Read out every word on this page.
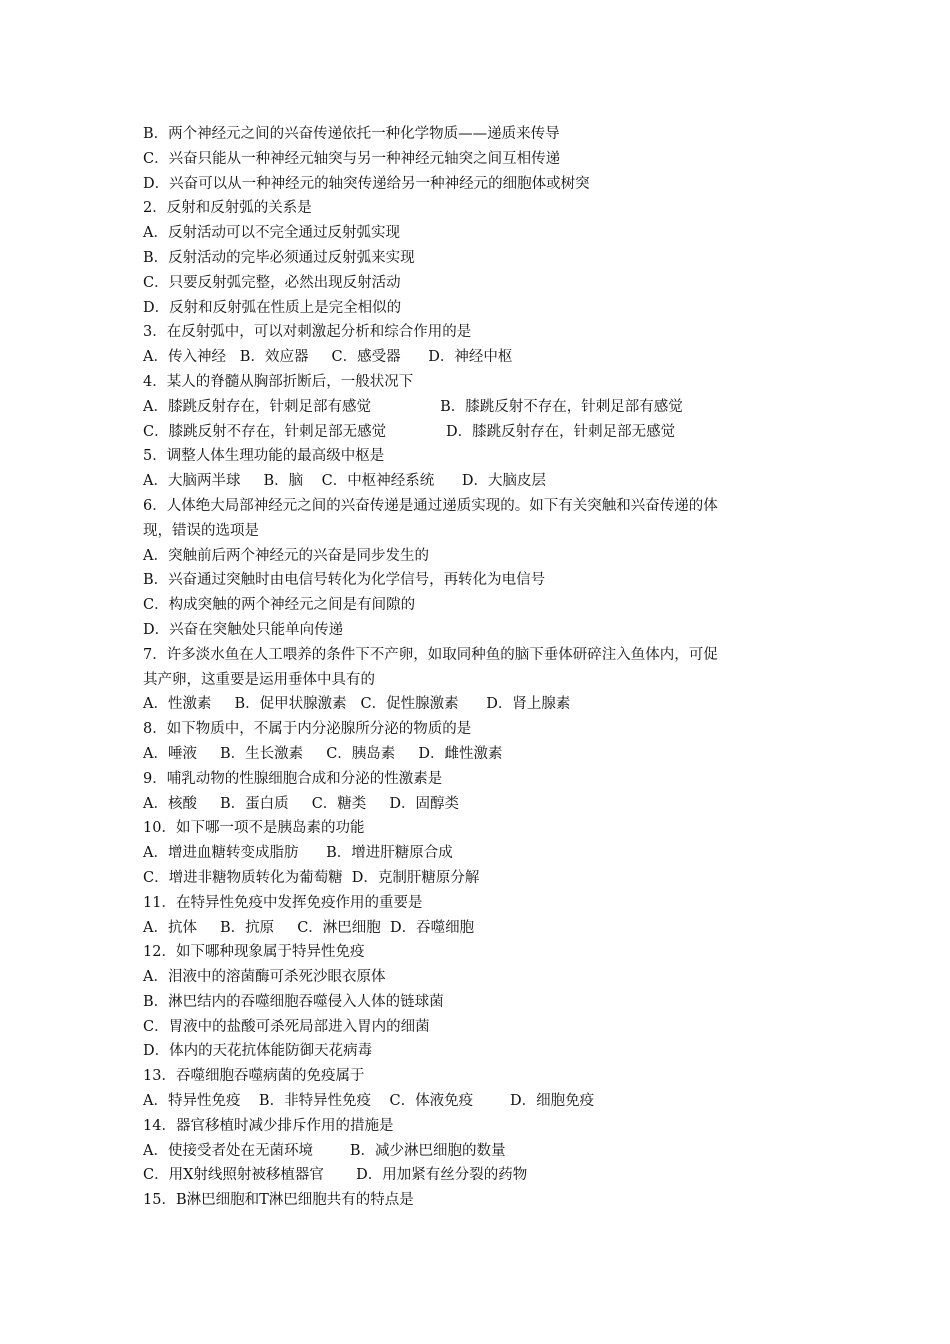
B．两个神经元之间的兴奋传递依托一种化学物质——递质来传导
C．兴奋只能从一种神经元轴突与另一种神经元轴突之间互相传递
D．兴奋可以从一种神经元的轴突传递给另一种神经元的细胞体或树突
2．反射和反射弧的关系是
A．反射活动可以不完全通过反射弧实现
B．反射活动的完毕必须通过反射弧来实现
C．只要反射弧完整，必然出现反射活动
D．反射和反射弧在性质上是完全相似的
3．在反射弧中，可以对刺激起分析和综合作用的是
A．传入神经   B．效应器     C．感受器      D．神经中枢
4．某人的脊髓从胸部折断后，一般状况下
A．膝跳反射存在，针刺足部有感觉               B．膝跳反射不存在，针刺足部有感觉
C．膝跳反射不存在，针刺足部无感觉             D．膝跳反射存在，针刺足部无感觉
5．调整人体生理功能的最高级中枢是
A．大脑两半球     B．脑    C．中枢神经系统      D．大脑皮层
6．人体绝大局部神经元之间的兴奋传递是通过递质实现的。如下有关突触和兴奋传递的体
现，错误的选项是
A．突触前后两个神经元的兴奋是同步发生的
B．兴奋通过突触时由电信号转化为化学信号，再转化为电信号
C．构成突触的两个神经元之间是有间隙的
D．兴奋在突触处只能单向传递
7．许多淡水鱼在人工喂养的条件下不产卵，如取同种鱼的脑下垂体研碎注入鱼体内，可促
其产卵，这重要是运用垂体中具有的
A．性激素     B．促甲状腺激素   C．促性腺激素      D．肾上腺素
8．如下物质中，不属于内分泌腺所分泌的物质的是
A．唾液     B．生长激素     C．胰岛素     D．雌性激素
9．哺乳动物的性腺细胞合成和分泌的性激素是
A．核酸     B．蛋白质     C．糖类     D．固醇类
10．如下哪一项不是胰岛素的功能
A．增进血糖转变成脂肪      B．增进肝糖原合成
C．增进非糖物质转化为葡萄糖  D．克制肝糖原分解
11．在特异性免疫中发挥免疫作用的重要是
A．抗体     B．抗原     C．淋巴细胞  D．吞噬细胞
12．如下哪种现象属于特异性免疫
A．泪液中的溶菌酶可杀死沙眼衣原体
B．淋巴结内的吞噬细胞吞噬侵入人体的链球菌
C．胃液中的盐酸可杀死局部进入胃内的细菌
D．体内的天花抗体能防御天花病毒
13．吞噬细胞吞噬病菌的免疫属于
A．特异性免疫    B．非特异性免疫    C．体液免疫        D．细胞免疫
14．器官移植时减少排斥作用的措施是
A．使接受者处在无菌环境        B．减少淋巴细胞的数量
C．用X射线照射被移植器官       D．用加紧有丝分裂的药物
15．B淋巴细胞和T淋巴细胞共有的特点是
